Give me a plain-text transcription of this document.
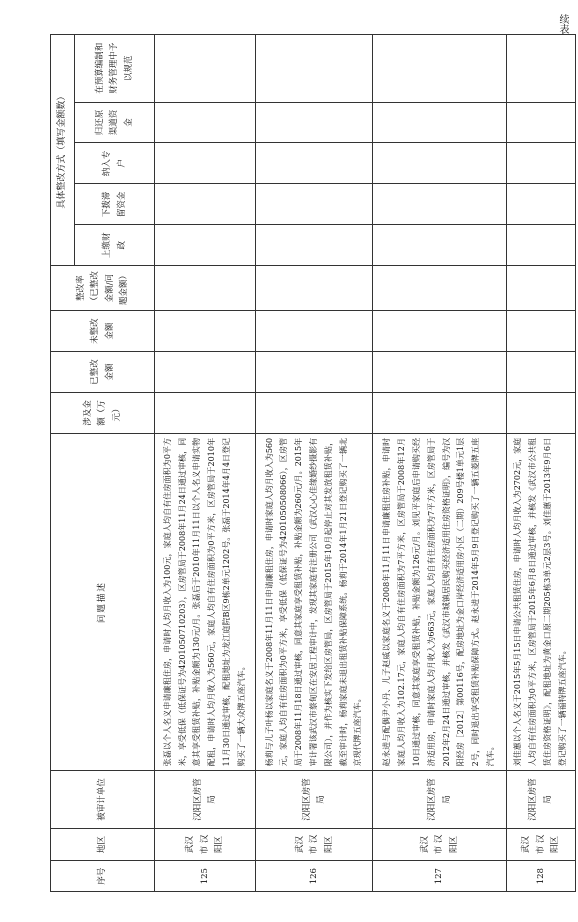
续表
序号	地区	被审计单位	问题描述	涉及金额（万元）	已整改金额	未整改金额	整改率（已整改金额/问题金额）	具体整改方式（填写金额数）				
								上缴财政	下拨滞留资金	纳入专户	归还原渠道资金	在预算编制和财务管理中予以规范
125	武汉市 汉阳区	汉阳区房管局	张磊以个人名义申请廉租住房，申请时人均月收入为100元，家庭人均自有住房面积为0平方米，享受低保（低保证号为4201050710203），区房管局于2008年11月24日通过审核，同意其享受租赁补贴，补贴金额为130元/月。张磊后于2010年11月11日以个人名义申请实物配租，申请时人均月收入为560元，家庭人均自有住房面积为0平方米，区房管局于2010年11月30日通过审核，配租地址为龙江庭院B区9栋2单元1202号。张磊于2014年4月4日登记购买了一辆大众牌五座汽车。									
126	武汉市 汉阳区	汉阳区房管局	杨莉与儿子叶杨以家庭名义于2008年11月11日申请廉租住房，申请时家庭人均月收入为560元，家庭人均自有住房面积为0平方米，享受低保（低保证号为4201050508066），区房管局于2008年11月18日通过审核，同意其家庭享受租赁补贴，补贴金额为260元/月。2015年审计署该武汉市蔡甸区在安居工程审计中，发现其家庭有注册公司（武汉心心佳缘婚纱摄影有限公司），并作为核实下发给区房管局，区房管局于2015年10月起停止对其发放租赁补贴，截至审计时，杨莉家庭未退出租赁补贴保障系统。杨莉于2014年1月21日登记购买了一辆北京现代牌五座汽车。									
127	武汉市 汉阳区	汉阳区房管局	赵永进与配偶尹小丹、儿子赵威以家庭名义于2008年11月11日申请廉租住房补贴，申请时家庭人均月收入为102.17元，家庭人均自有住房面积为7平方米，区房管局于2008年12月10日通过审核，同意其家庭享受租赁补贴，补贴金额为126元/月。刘见平家庭后申请购买经济适用房，申请时家庭人均月收入为663元，家庭人均自有住房面积为7平方米，区房管局于2012年2月24日通过审核，并核发《武汉市城镇居民购买经济适用住房资格证明》，编号为汉阳经房［2012］第00116号，配房地址为金口岸经济适用房小区（二期）209号楼1单元1层2号，同时退出享受租赁补贴保障方式。赵永进于2014年5月9日登记购买了一辆五菱牌五座汽车。									
128	武汉市 汉阳区	汉阳区房管局	刘佳蕙以个人名义于2015年5月15日申请公共租赁住房，申请时人均月收入为2702元，家庭人均自有住房面积为0平方米，区房管局于2015年6月8日通过审核，并核发《武汉市公共租赁住房资格证明》，配租地址为黄金口原二期205栋3单元2层3号。刘佳蕙于2013年9月6日登记购买了一辆福特牌五座汽车。									
